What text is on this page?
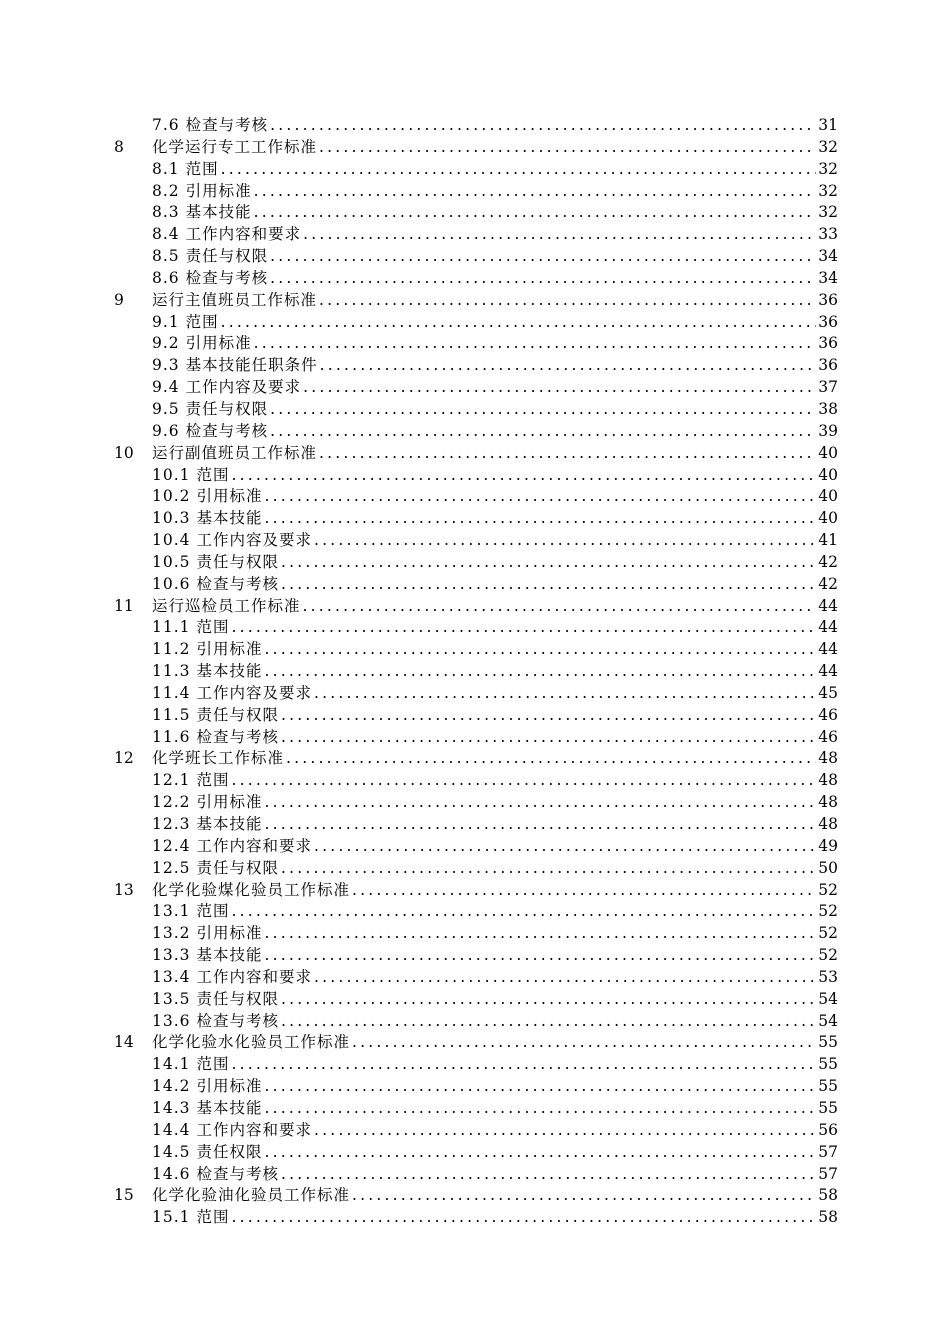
7.6 检查与考核 .....	31
8	化学运行专工工作标准 .....	32
8.1 范围 .....	32
8.2 引用标准 .....	32
8.3 基本技能 .....	32
8.4 工作内容和要求 .....	33
8.5 责任与权限 .....	34
8.6 检查与考核 .....	34
9	运行主值班员工作标准 .....	36
9.1 范围 .....	36
9.2 引用标准 .....	36
9.3 基本技能任职条件 .....	36
9.4 工作内容及要求 .....	37
9.5 责任与权限 .....	38
9.6 检查与考核 .....	39
10	运行副值班员工作标准 .....	40
10.1 范围 .....	40
10.2 引用标准 .....	40
10.3 基本技能 .....	40
10.4 工作内容及要求 .....	41
10.5 责任与权限 .....	42
10.6 检查与考核 .....	42
11	运行巡检员工作标准 .....	44
11.1 范围 .....	44
11.2 引用标准 .....	44
11.3 基本技能 .....	44
11.4 工作内容及要求 .....	45
11.5 责任与权限 .....	46
11.6 检查与考核 .....	46
12	化学班长工作标准 .....	48
12.1 范围 .....	48
12.2 引用标准 .....	48
12.3 基本技能 .....	48
12.4 工作内容和要求 .....	49
12.5 责任与权限 .....	50
13	化学化验煤化验员工作标准 .....	52
13.1 范围 .....	52
13.2 引用标准 .....	52
13.3 基本技能 .....	52
13.4 工作内容和要求 .....	53
13.5 责任与权限 .....	54
13.6 检查与考核 .....	54
14	化学化验水化验员工作标准 .....	55
14.1 范围 .....	55
14.2 引用标准 .....	55
14.3 基本技能 .....	55
14.4 工作内容和要求 .....	56
14.5 责任权限 .....	57
14.6 检查与考核 .....	57
15	化学化验油化验员工作标准 .....	58
15.1 范围 .....	58
